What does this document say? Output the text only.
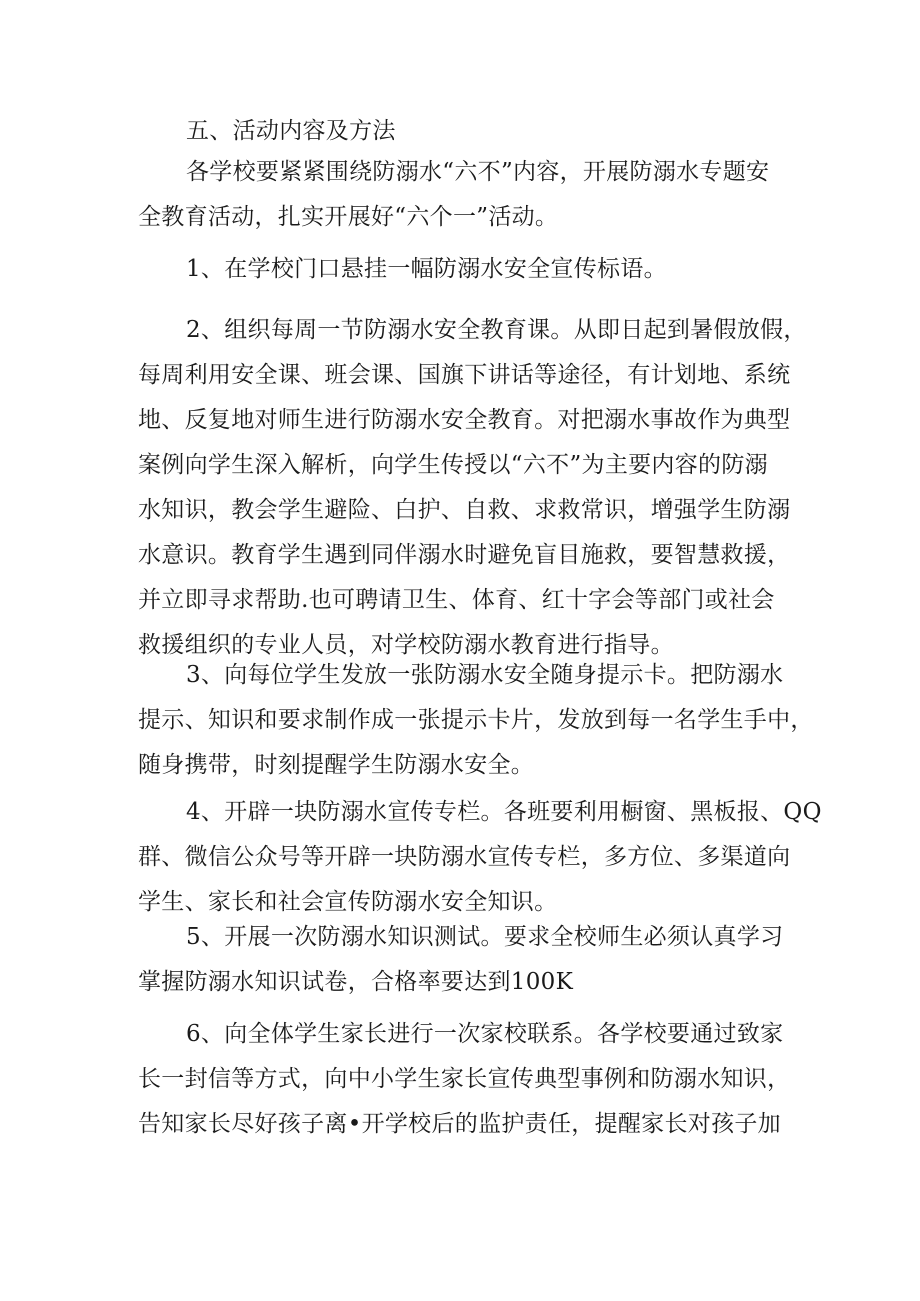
五、活动内容及方法

各学校要紧紧围绕防溺水“六不”内容，开展防溺水专题安
全教育活动，扎实开展好“六个一”活动。

1、在学校门口悬挂一幅防溺水安全宣传标语。

2、组织每周一节防溺水安全教育课。从即日起到暑假放假，
每周利用安全课、班会课、国旗下讲话等途径，有计划地、系统
地、反复地对师生进行防溺水安全教育。对把溺水事故作为典型
案例向学生深入解析，向学生传授以“六不”为主要内容的防溺
水知识，教会学生避险、白护、自救、求救常识，增强学生防溺
水意识。教育学生遇到同伴溺水时避免盲目施救，要智慧救援，
并立即寻求帮助.也可聘请卫生、体育、红十字会等部门或社会
救援组织的专业人员，对学校防溺水教育进行指导。

3、向每位学生发放一张防溺水安全随身提示卡。把防溺水
提示、知识和要求制作成一张提示卡片，发放到每一名学生手中，
随身携带，时刻提醒学生防溺水安全。

4、开辟一块防溺水宣传专栏。各班要利用橱窗、黑板报、QQ
群、微信公众号等开辟一块防溺水宣传专栏，多方位、多渠道向
学生、家长和社会宣传防溺水安全知识。

5、开展一次防溺水知识测试。要求全校师生必须认真学习
掌握防溺水知识试卷，合格率要达到100K

6、向全体学生家长进行一次家校联系。各学校要通过致家
长一封信等方式，向中小学生家长宣传典型事例和防溺水知识，
告知家长尽好孩子离•开学校后的监护责任，提醒家长对孩子加
